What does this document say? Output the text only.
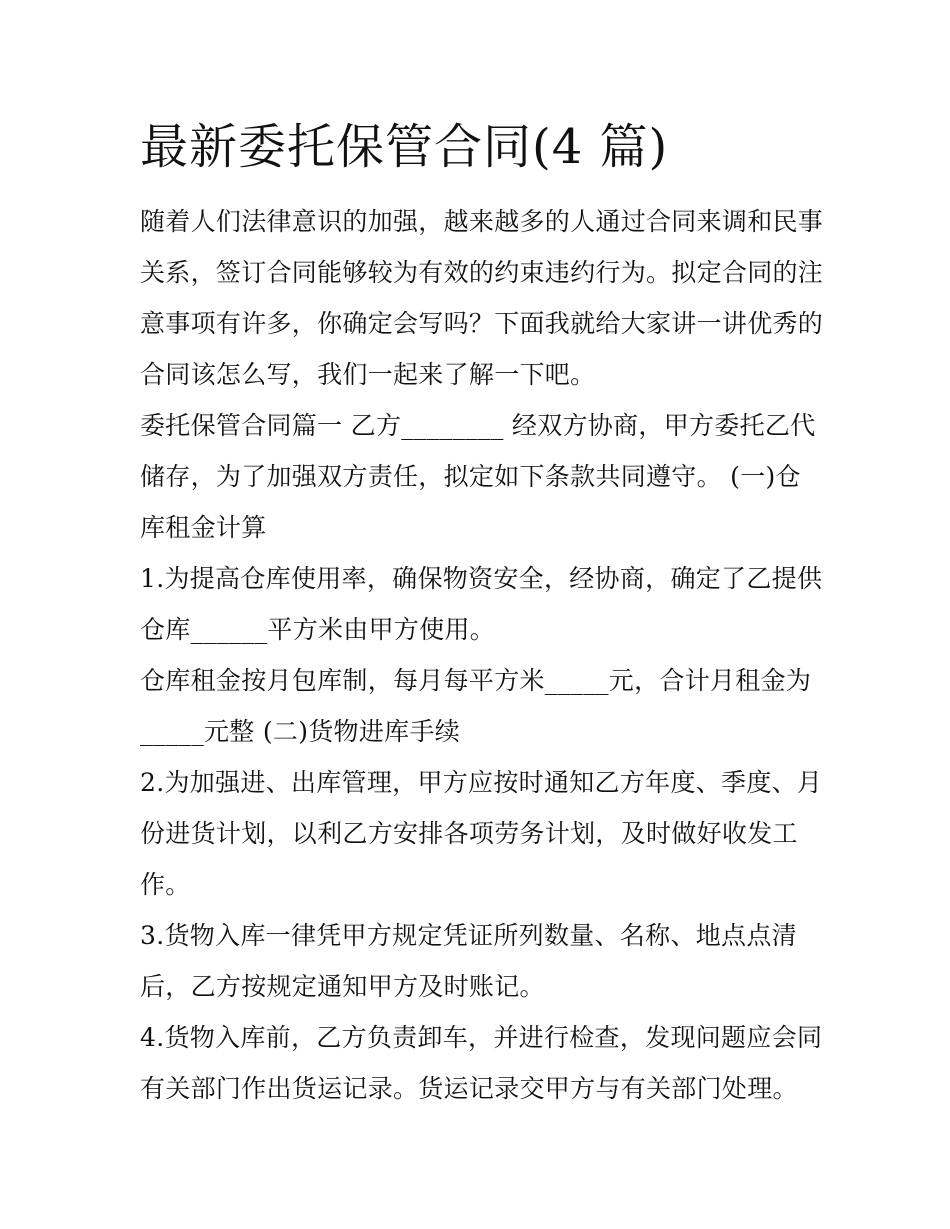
最新委托保管合同(4 篇)
随着人们法律意识的加强，越来越多的人通过合同来调和民事
关系，签订合同能够较为有效的约束违约行为。拟定合同的注
意事项有许多，你确定会写吗？下面我就给大家讲一讲优秀的
合同该怎么写，我们一起来了解一下吧。
委托保管合同篇一 乙方________ 经双方协商，甲方委托乙代
储存，为了加强双方责任，拟定如下条款共同遵守。 (一)仓
库租金计算
1.为提高仓库使用率，确保物资安全，经协商，确定了乙提供
仓库______平方米由甲方使用。
仓库租金按月包库制，每月每平方米_____元，合计月租金为
_____元整 (二)货物进库手续
2.为加强进、出库管理，甲方应按时通知乙方年度、季度、月
份进货计划，以利乙方安排各项劳务计划，及时做好收发工
作。
3.货物入库一律凭甲方规定凭证所列数量、名称、地点点清
后，乙方按规定通知甲方及时账记。
4.货物入库前，乙方负责卸车，并进行检查，发现问题应会同
有关部门作出货运记录。货运记录交甲方与有关部门处理。
